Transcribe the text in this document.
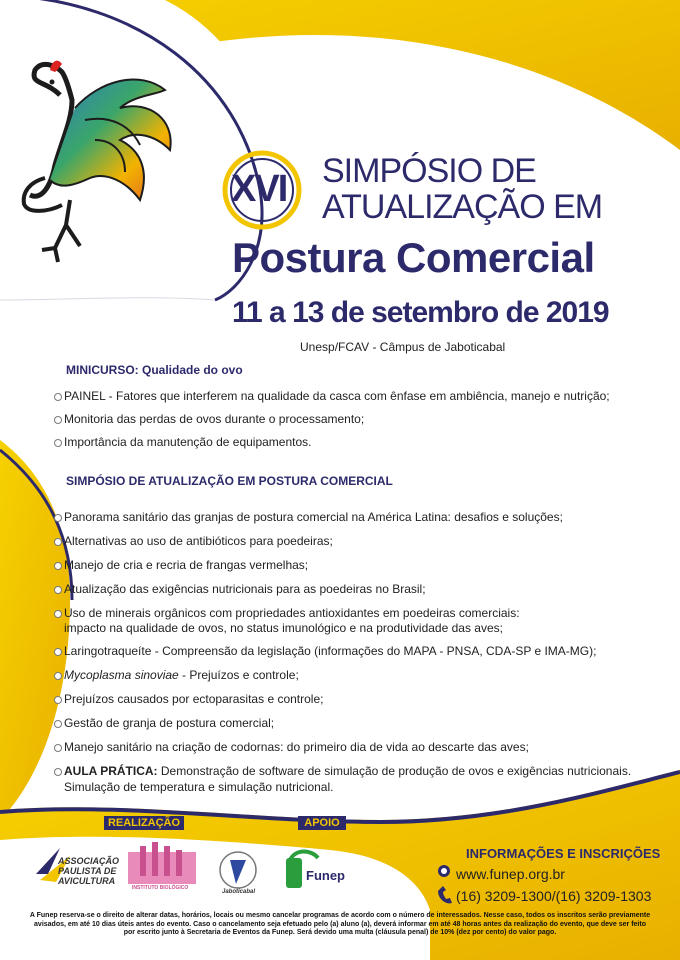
XVI SIMPÓSIO DE
ATUALIZAÇÃO EM
Postura Comercial
11 a 13 de setembro de 2019
Unesp/FCAV - Câmpus de Jaboticabal
MINICURSO: Qualidade do ovo
PAINEL - Fatores que interferem na qualidade da casca com ênfase em ambiência, manejo e nutrição;
Monitoria das perdas de ovos durante o processamento;
Importância da manutenção de equipamentos.
SIMPÓSIO DE ATUALIZAÇÃO EM POSTURA COMERCIAL
Panorama sanitário das granjas de postura comercial na América Latina: desafios e soluções;
Alternativas ao uso de antibióticos para poedeiras;
Manejo de cria e recria de frangas vermelhas;
Atualização das exigências nutricionais para as poedeiras no Brasil;
Uso de minerais orgânicos com propriedades antioxidantes em poedeiras comerciais:
impacto na qualidade de ovos, no status imunológico e na produtividade das aves;
Laringotraqueíte - Compreensão da legislação (informações do MAPA - PNSA, CDA-SP e IMA-MG);
Mycoplasma sinoviae - Prejuízos e controle;
Prejuízos causados por ectoparasitas e controle;
Gestão de granja de postura comercial;
Manejo sanitário na criação de codornas: do primeiro dia de vida ao descarte das aves;
AULA PRÁTICA: Demonstração de software de simulação de produção de ovos e exigências nutricionais.
Simulação de temperatura e simulação nutricional.
REALIZAÇÃO	APOIO
ASSOCIAÇÃO
PAULISTA DE
AVICULTURA
INSTITUTO BIOLÓGICO
Jaboticabal
Funep
INFORMAÇÕES E INSCRIÇÕES
www.funep.org.br
(16) 3209-1300/(16) 3209-1303
A Funep reserva-se o direito de alterar datas, horários, locais ou mesmo cancelar programas de acordo com o número de interessados. Nesse caso, todos os inscritos serão previamente avisados, em até 10 dias úteis antes do evento. Caso o cancelamento seja efetuado pelo (a) aluno (a), deverá informar em até 48 horas antes da realização do evento, que deve ser feito por escrito junto à Secretaria de Eventos da Funep. Será devido uma multa (cláusula penal) de 10% (dez por cento) do valor pago.
